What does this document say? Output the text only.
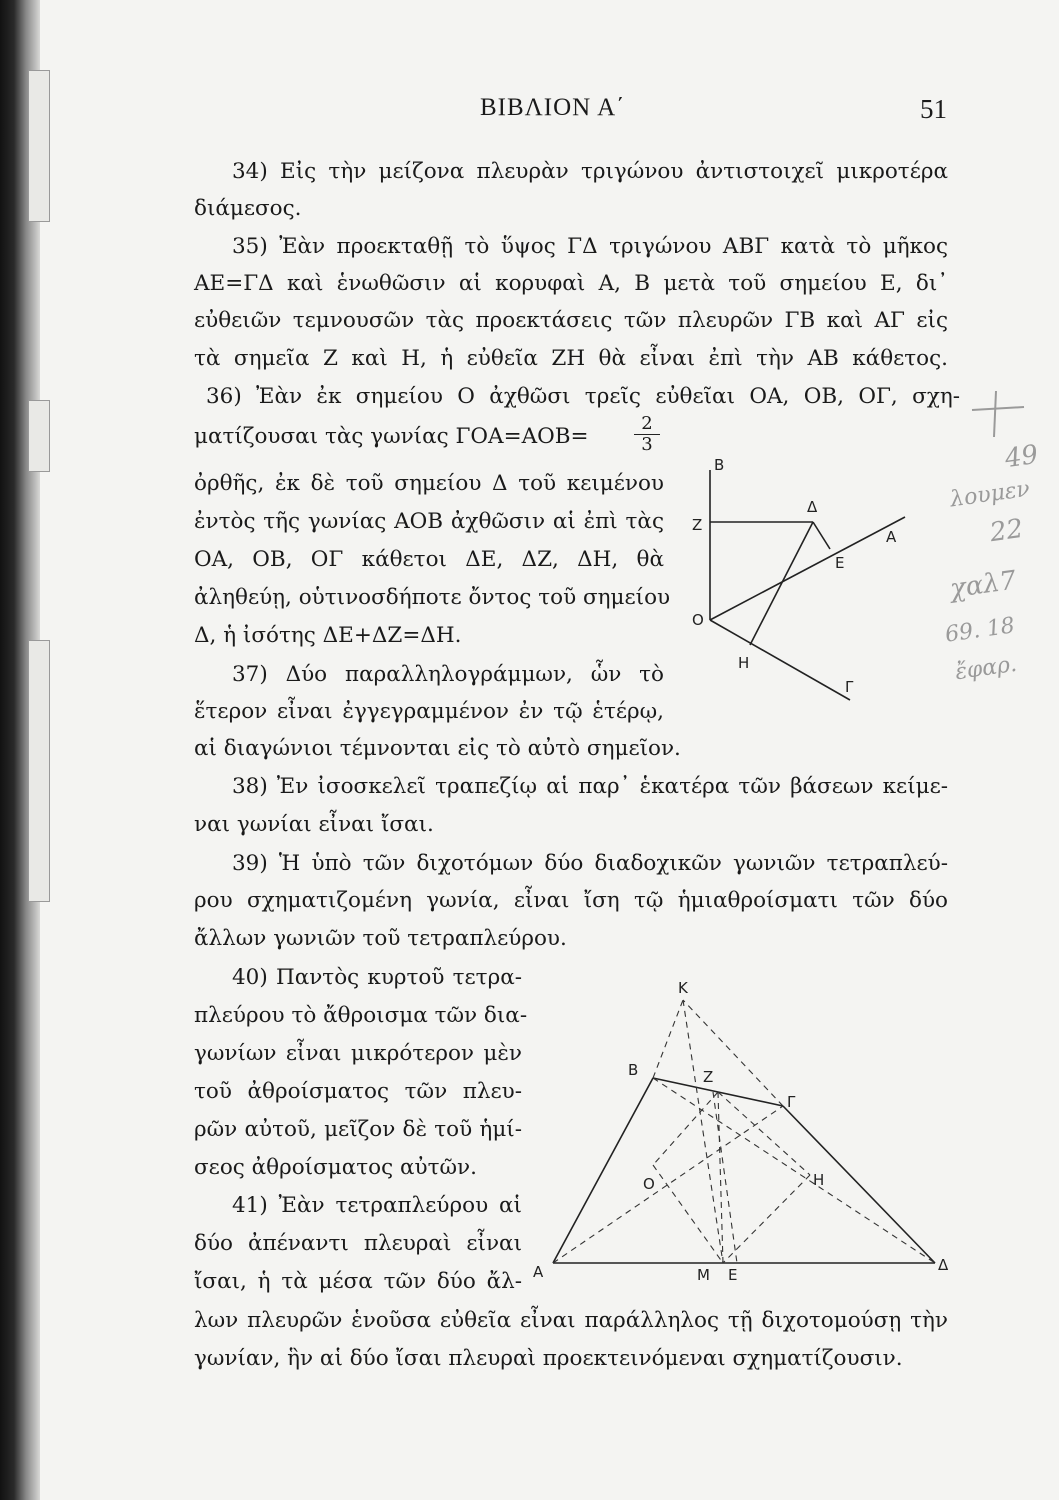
ΒΙΒΛΙΟΝ Α΄	51
34) Εἰς τὴν μείζονα πλευρὰν τριγώνου ἀντιστοιχεῖ μικροτέρα
διάμεσος.
35) Ἐὰν προεκταθῇ τὸ ὕψος ΓΔ τριγώνου ΑΒΓ κατὰ τὸ μῆκος
ΑΕ=ΓΔ καὶ ἑνωθῶσιν αἱ κορυφαὶ Α, Β μετὰ τοῦ σημείου Ε, δι᾽
εὐθειῶν τεμνουσῶν τὰς προεκτάσεις τῶν πλευρῶν ΓΒ καὶ ΑΓ εἰς
τὰ σημεῖα Ζ καὶ Η, ἡ εὐθεῖα ΖΗ θὰ εἶναι ἐπὶ τὴν ΑΒ κάθετος.
36) Ἐὰν ἐκ σημείου Ο ἀχθῶσι τρεῖς εὐθεῖαι ΟΑ, ΟΒ, ΟΓ, σχη-
ματίζουσαι τὰς γωνίας ΓΟΑ=ΑΟΒ=	$\frac{2}{3}$
ὀρθῆς, ἐκ δὲ τοῦ σημείου Δ τοῦ κειμένου
ἐντὸς τῆς γωνίας ΑΟΒ ἀχθῶσιν αἱ ἐπὶ τὰς
ΟΑ, ΟΒ, ΟΓ κάθετοι ΔΕ, ΔΖ, ΔΗ, θὰ
ἀληθεύῃ, οὑτινοσδήποτε ὄντος τοῦ σημείου
Δ, ἡ ἰσότης ΔΕ+ΔΖ=ΔΗ.
37) Δύο παραλληλογράμμων, ὧν τὸ
ἕτερον εἶναι ἐγγεγραμμένον ἐν τῷ ἑτέρῳ,
αἱ διαγώνιοι τέμνονται εἰς τὸ αὐτὸ σημεῖον.
38) Ἐν ἰσοσκελεῖ τραπεζίῳ αἱ παρ᾽ ἑκατέρα τῶν βάσεων κείμε-
ναι γωνίαι εἶναι ἴσαι.
39) Ἡ ὑπὸ τῶν διχοτόμων δύο διαδοχικῶν γωνιῶν τετραπλεύ-
ρου σχηματιζομένη γωνία, εἶναι ἴση τῷ ἡμιαθροίσματι τῶν δύο
ἄλλων γωνιῶν τοῦ τετραπλεύρου.
40) Παντὸς κυρτοῦ τετρα-
πλεύρου τὸ ἄθροισμα τῶν δια-
γωνίων εἶναι μικρότερον μὲν
τοῦ ἀθροίσματος τῶν πλευ-
ρῶν αὐτοῦ, μεῖζον δὲ τοῦ ἡμί-
σεος ἀθροίσματος αὐτῶν.
41) Ἐὰν τετραπλεύρου αἱ
δύο ἀπέναντι πλευραὶ εἶναι
ἴσαι, ἡ τὰ μέσα τῶν δύο ἄλ-
λων πλευρῶν ἑνοῦσα εὐθεῖα εἶναι παράλληλος τῇ διχοτομούσῃ τὴν
γωνίαν, ἣν αἱ δύο ἴσαι πλευραὶ προεκτεινόμεναι σχηματίζουσιν.
Β
Ζ
Δ
Α
Ε
Ο
Η
Γ
Κ
Β	Ζ
Γ
Η
Ο
Α	Μ Ε
Δ
49
λουμεν
22
χαλ7
69. 18
ἔφαρ.
